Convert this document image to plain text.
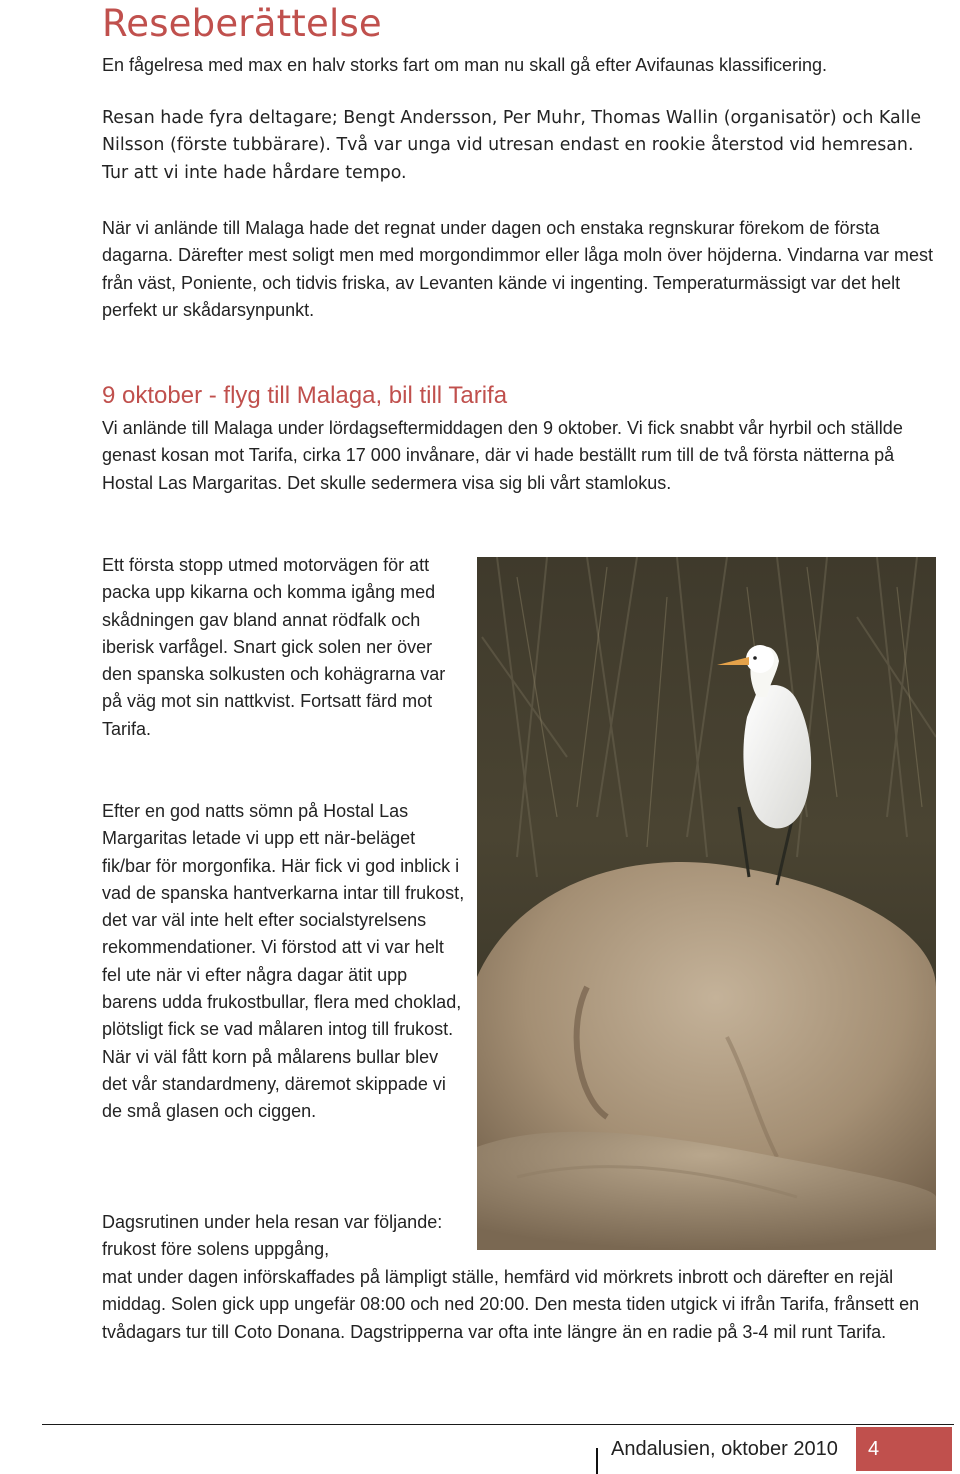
Reseberättelse

En fågelresa med max en halv storks fart om man nu skall gå efter Avifaunas klassificering.

Resan hade fyra deltagare; Bengt Andersson, Per Muhr, Thomas Wallin (organisatör) och Kalle Nilsson (förste tubbärare). Två var unga vid utresan endast en rookie återstod vid hemresan. Tur att vi inte hade hårdare tempo.

När vi anlände till Malaga hade det regnat under dagen och enstaka regnskurar förekom de första dagarna. Därefter mest soligt men med morgondimmor eller låga moln över höjderna. Vindarna var mest från väst, Poniente, och tidvis friska, av Levanten kände vi ingenting. Temperaturmässigt var det helt perfekt ur skådarsynpunkt.

9 oktober - flyg till Malaga, bil till Tarifa

Vi anlände till Malaga under lördagseftermiddagen den 9 oktober. Vi fick snabbt vår hyrbil och ställde genast kosan mot Tarifa, cirka 17 000 invånare, där vi hade beställt rum till de två första nätterna på Hostal Las Margaritas. Det skulle sedermera visa sig bli vårt stamlokus.

Ett första stopp utmed motorvägen för att packa upp kikarna och komma igång med skådningen gav bland annat rödfalk och iberisk varfågel. Snart gick solen ner över den spanska solkusten och kohägrarna var på väg mot sin nattkvist. Fortsatt färd mot Tarifa.

Efter en god natts sömn på Hostal Las Margaritas letade vi upp ett när-beläget fik/bar för morgonfika. Här fick vi god inblick i vad de spanska hantverkarna intar till frukost, det var väl inte helt efter socialstyrelsens rekommendationer. Vi förstod att vi var helt fel ute när vi efter några dagar ätit upp barens udda frukostbullar, flera med choklad, plötsligt fick se vad målaren intog till frukost. När vi väl fått korn på målarens bullar blev det vår standardmeny, däremot skippade vi de små glasen och ciggen.

Dagsrutinen under hela resan var följande: frukost före solens uppgång,

mat under dagen införskaffades på lämpligt ställe, hemfärd vid mörkrets inbrott och därefter en rejäl middag. Solen gick upp ungefär 08:00 och ned 20:00. Den mesta tiden utgick vi ifrån Tarifa, frånsett en tvådagars tur till Coto Donana. Dagstripperna var ofta inte längre än en radie på 3-4 mil runt Tarifa.

Andalusien, oktober 2010 4
